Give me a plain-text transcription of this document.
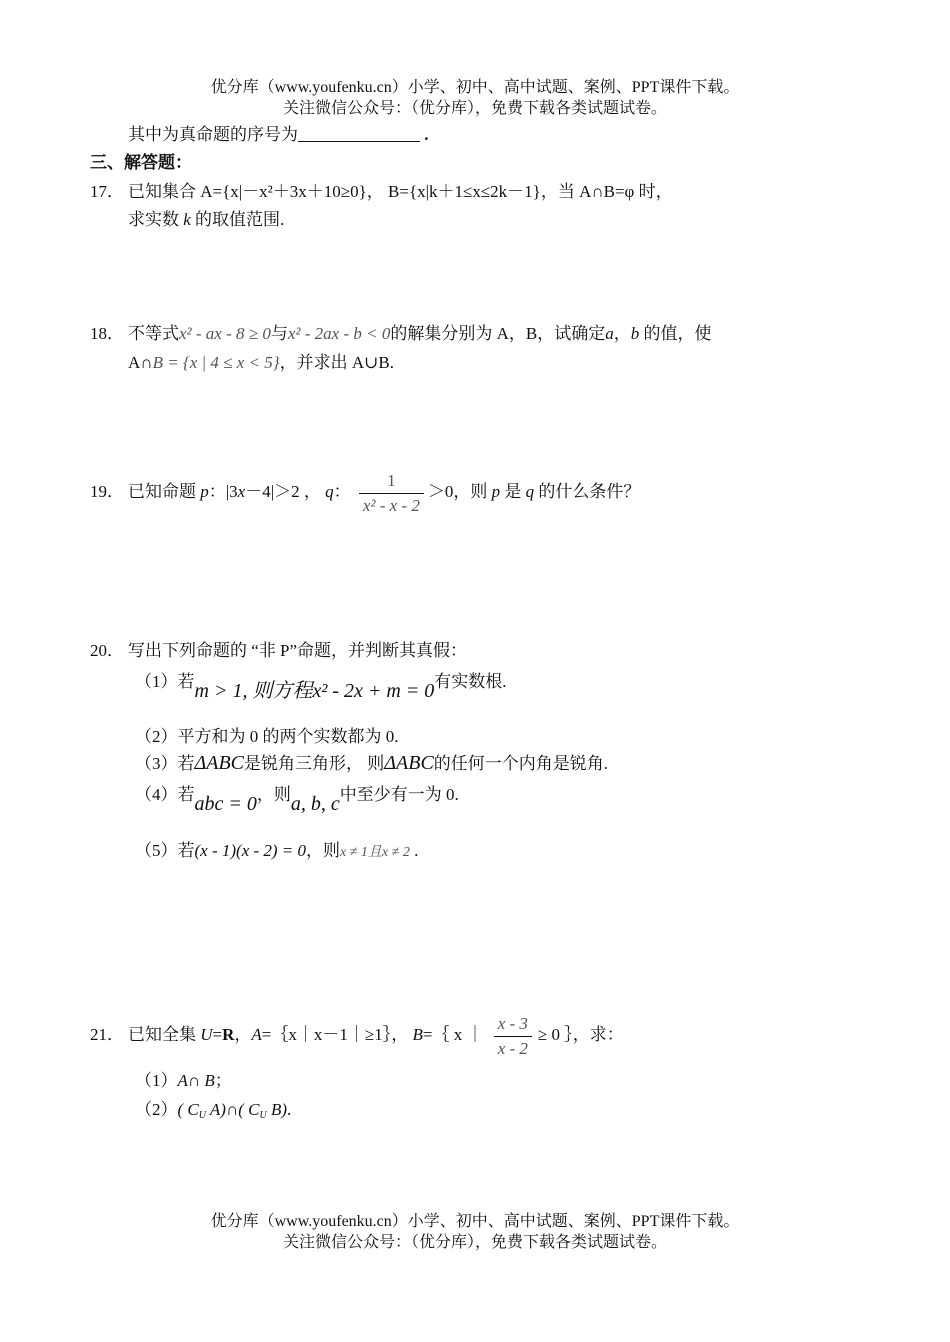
优分库（www.youfenku.cn）小学、初中、高中试题、案例、PPT课件下载。
关注微信公众号：（优分库），免费下载各类试题试卷。
其中为真命题的序号为	.
三、解答题：
17． 已知集合 A={x|－x²＋3x＋10≥0}， B={x|k＋1≤x≤2k－1}，当 A∩B=φ 时，
求实数 k 的取值范围.
18． 不等式x² - ax - 8 ≥ 0与x² - 2ax - b < 0的解集分别为 A，B，试确定a，b 的值，使
A∩B = {x | 4 ≤ x < 5}，并求出 A∪B.
19． 已知命题 p：|3x－4|＞2 ， q： $\frac{1}{\text{x² - x - 2}} >0$，则 p 是 q 的什么条件？
20． 写出下列命题的 “非 P”命题，并判断其真假：
（1）若m > 1, 则方程x² - 2x + m = 0有实数根.
（2）平方和为 0 的两个实数都为 0.
（3）若ΔABC是锐角三角形， 则ΔABC的任何一个内角是锐角.
（4）若abc = 0，则a, b, c中至少有一为 0.
（5）若(x - 1)(x - 2) = 0，则x ≠ 1且x ≠ 2 .
21． 已知全集 U=R，A=｛x｜x－1｜≥1｝， B=｛ x ｜ $\frac{x - 3}{x - 2} \ge 0$ ｝，求：
（1）A∩ B；
（2）( $C_U$ A)∩( $C_U$ B).
优分库（www.youfenku.cn）小学、初中、高中试题、案例、PPT课件下载。
关注微信公众号：（优分库），免费下载各类试题试卷。
